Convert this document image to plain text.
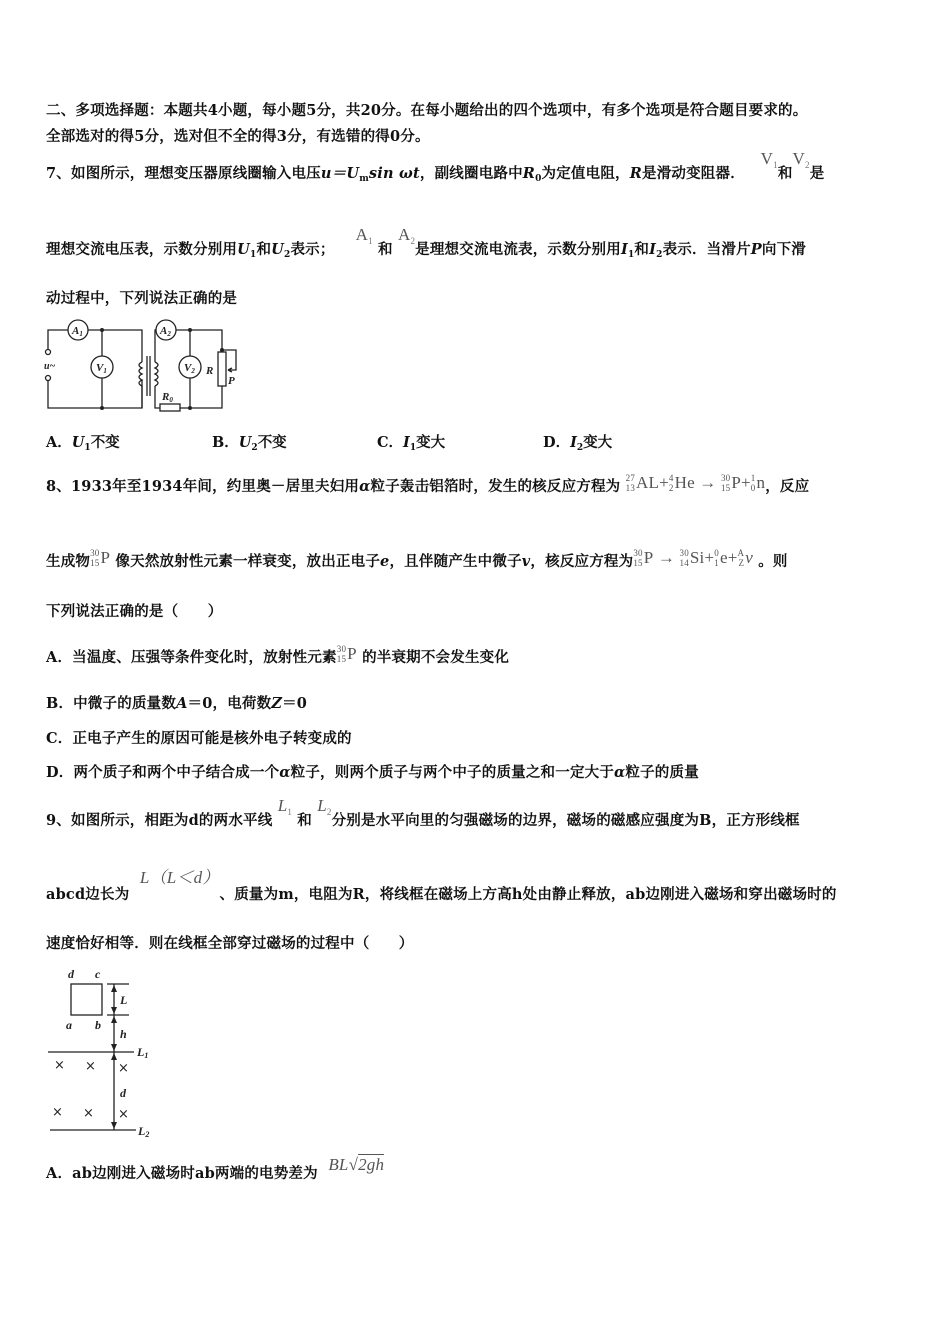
二、多项选择题：本题共4小题，每小题5分，共20分。在每小题给出的四个选项中，有多个选项是符合题目要求的。
全部选对的得5分，选对但不全的得3分，有选错的得0分。
7、如图所示，理想变压器原线圈输入电压$u=U_m\sin$ ωt，副线圈电路中$R_0$为定值电阻，R是滑动变阻器．   $V_1$和$V_2$是
理想交流电压表，示数分别用$U_1$和$U_2$表示；    $A_1$ 和 $A_2$是理想交流电流表，示数分别用$I_1$和$I_2$表示．当滑片P向下滑
动过程中，下列说法正确的是
A1
V1
A2
V2
u~	R
P
R0
A．$U_1$不变	B．$U_2$不变	C．$I_1$变大	D．$I_2$变大
8、1933年至1934年间，约里奥－居里夫妇用α粒子轰击铝箔时，发生的核反应方程为 27
13 AL + 4
2 He
→
30
15 P + 1
0 n ，反应
生成物 30
15 P 像天然放射性元素一样衰变，放出正电子e，且伴随产生中微子v，核反应方程为 30
15 P
→
30
14 Si + 0
1 e + A
Z ν 。则
下列说法正确的是（　　）
A．当温度、压强等条件变化时，放射性元素 30
15 P 的半衰期不会发生变化
B．中微子的质量数A＝0，电荷数Z＝0
C．正电子产生的原因可能是核外电子转变成的
D．两个质子和两个中子结合成一个α粒子，则两个质子与两个中子的质量之和一定大于α粒子的质量
9、如图所示，相距为d的两水平线 $L_1$ 和 $L_2$分别是水平向里的匀强磁场的边界，磁场的磁感应强度为B，正方形线框
abcd边长为  L（L＜d）、质量为m，电阻为R，将线框在磁场上方高h处由静止释放，ab边刚进入磁场和穿出磁场时的
速度恰好相等．则在线框全部穿过磁场的过程中（　　）
d c
a b
L
h
L1
d
L2
× × ×
× × ×
A．ab边刚进入磁场时ab两端的电势差为 BL√2gh
